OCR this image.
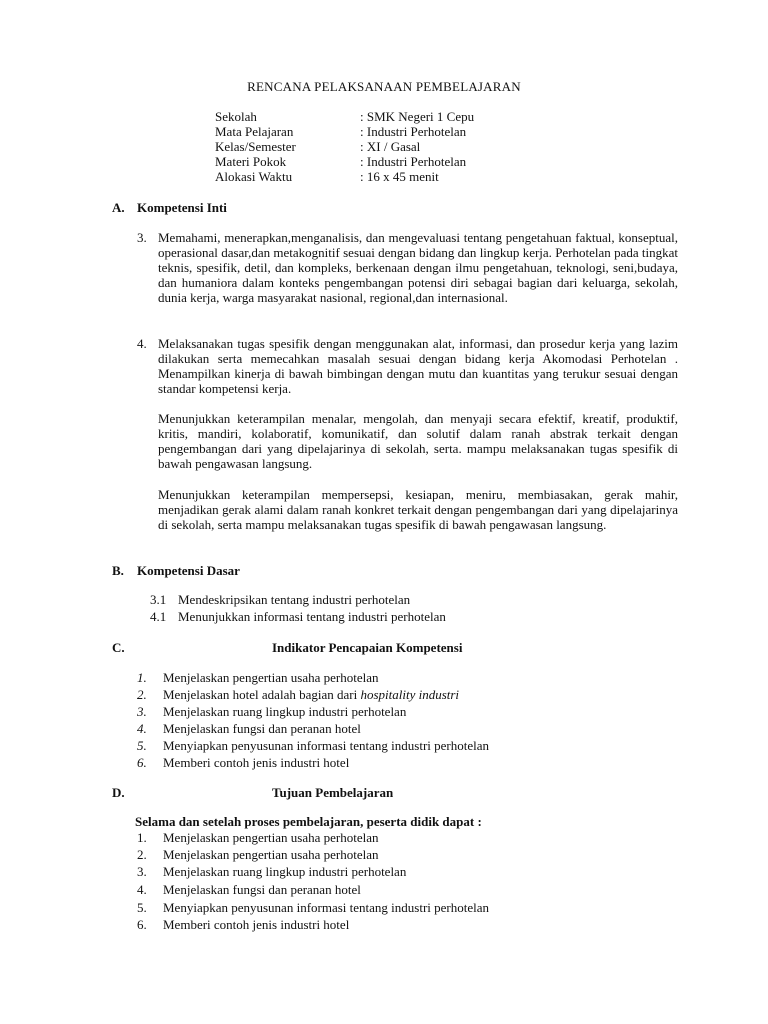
RENCANA PELAKSANAAN PEMBELAJARAN
Sekolah	: SMK Negeri 1 Cepu
Mata Pelajaran	: Industri Perhotelan
Kelas/Semester	: XI / Gasal
Materi Pokok	: Industri Perhotelan
Alokasi Waktu	: 16 x 45 menit
A. Kompetensi Inti
3. Memahami, menerapkan,menganalisis, dan mengevaluasi tentang pengetahuan faktual, konseptual, operasional dasar,dan metakognitif sesuai dengan bidang dan lingkup kerja. Perhotelan pada tingkat teknis, spesifik, detil, dan kompleks, berkenaan dengan ilmu pengetahuan, teknologi, seni,budaya, dan humaniora dalam konteks pengembangan potensi diri sebagai bagian dari keluarga, sekolah, dunia kerja, warga masyarakat nasional, regional,dan internasional.
4. Melaksanakan tugas spesifik dengan menggunakan alat, informasi, dan prosedur kerja yang lazim dilakukan serta memecahkan masalah sesuai dengan bidang kerja Akomodasi Perhotelan . Menampilkan kinerja di bawah bimbingan dengan mutu dan kuantitas yang terukur sesuai dengan standar kompetensi kerja.
Menunjukkan keterampilan menalar, mengolah, dan menyaji secara efektif, kreatif, produktif, kritis, mandiri, kolaboratif, komunikatif, dan solutif dalam ranah abstrak terkait dengan pengembangan dari yang dipelajarinya di sekolah, serta. mampu melaksanakan tugas spesifik di bawah pengawasan langsung.
Menunjukkan keterampilan mempersepsi, kesiapan, meniru, membiasakan, gerak mahir, menjadikan gerak alami dalam ranah konkret terkait dengan pengembangan dari yang dipelajarinya di sekolah, serta mampu melaksanakan tugas spesifik di bawah pengawasan langsung.
B. Kompetensi Dasar
3.1 Mendeskripsikan tentang industri perhotelan
4.1 Menunjukkan informasi tentang industri perhotelan
C.	Indikator Pencapaian Kompetensi
1. Menjelaskan pengertian usaha perhotelan
2. Menjelaskan hotel adalah bagian dari hospitality industri
3. Menjelaskan ruang lingkup industri perhotelan
4. Menjelaskan fungsi dan peranan hotel
5. Menyiapkan penyusunan informasi tentang industri perhotelan
6. Memberi contoh jenis industri hotel
D.	Tujuan Pembelajaran
Selama dan setelah proses pembelajaran, peserta didik dapat :
1. Menjelaskan pengertian usaha perhotelan
2. Menjelaskan pengertian usaha perhotelan
3. Menjelaskan ruang lingkup industri perhotelan
4. Menjelaskan fungsi dan peranan hotel
5. Menyiapkan penyusunan informasi tentang industri perhotelan
6. Memberi contoh jenis industri hotel
